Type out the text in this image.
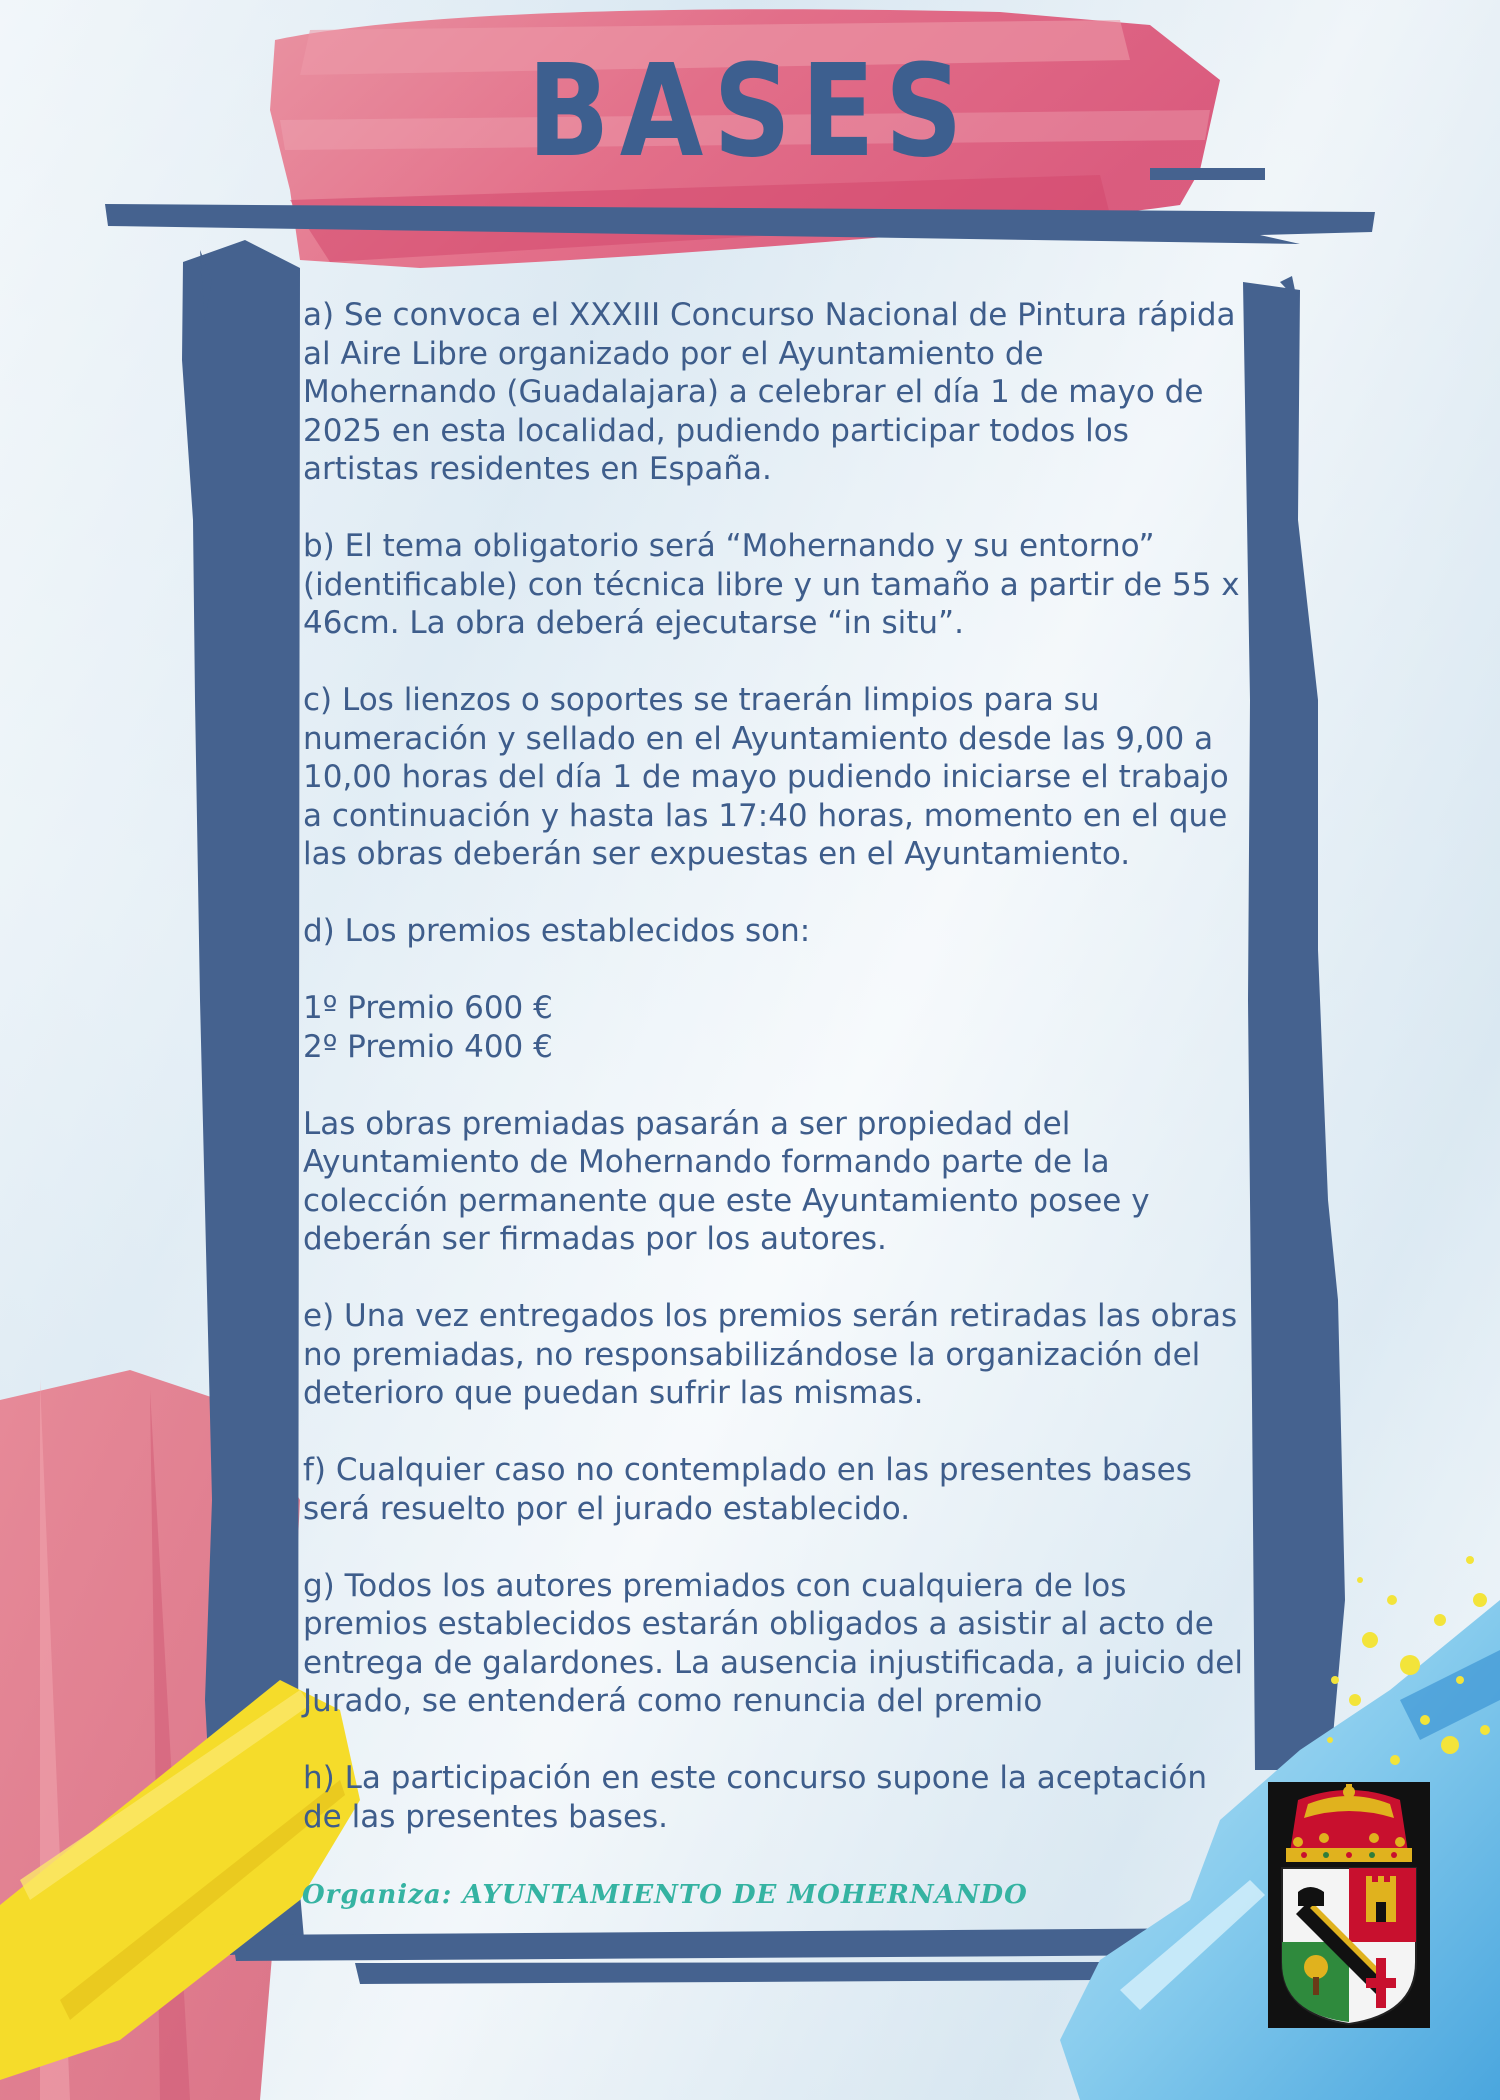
BASES

a) Se convoca el XXXIII Concurso Nacional de Pintura rápida al Aire Libre organizado por el Ayuntamiento de Mohernando (Guadalajara) a celebrar el día 1 de mayo de 2025 en esta localidad, pudiendo participar todos los artistas residentes en España.

b) El tema obligatorio será “Mohernando y su entorno” (identificable) con técnica libre y un tamaño a partir de 55 x 46cm. La obra deberá ejecutarse “in situ”.

c) Los lienzos o soportes se traerán limpios para su numeración y sellado en el Ayuntamiento desde las 9,00 a 10,00 horas del día 1 de mayo pudiendo iniciarse el trabajo a continuación y hasta las 17:40 horas, momento en el que las obras deberán ser expuestas en el Ayuntamiento.

d) Los premios establecidos son:

1º Premio 600 €

2º Premio 400 €

Las obras premiadas pasarán a ser propiedad del Ayuntamiento de Mohernando formando parte de la colección permanente que este Ayuntamiento posee y deberán ser firmadas por los autores.

e) Una vez entregados los premios serán retiradas las obras no premiadas, no responsabilizándose la organización del deterioro que puedan sufrir las mismas.

f) Cualquier caso no contemplado en las presentes bases será resuelto por el jurado establecido.

g) Todos los autores premiados con cualquiera de los premios establecidos estarán obligados a asistir al acto de entrega de galardones. La ausencia injustificada, a juicio del Jurado, se entenderá como renuncia del premio

h) La participación en este concurso supone la aceptación de las presentes bases.

Organiza: AYUNTAMIENTO DE MOHERNANDO
